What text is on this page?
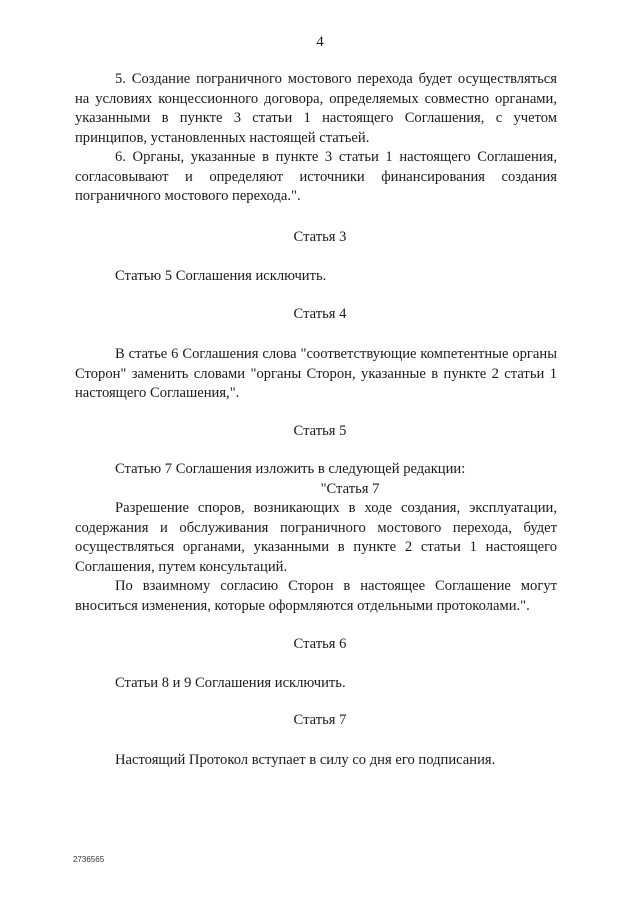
4

5. Создание пограничного мостового перехода будет осуществляться на условиях концессионного договора, определяемых совместно органами, указанными в пункте 3 статьи 1 настоящего Соглашения, с учетом принципов, установленных настоящей статьей.

6. Органы, указанные в пункте 3 статьи 1 настоящего Соглашения, согласовывают и определяют источники финансирования создания пограничного мостового перехода.".

Статья 3

Статью 5 Соглашения исключить.

Статья 4

В статье 6 Соглашения слова "соответствующие компетентные органы Сторон" заменить словами "органы Сторон, указанные в пункте 2 статьи 1 настоящего Соглашения,".

Статья 5

Статью 7 Соглашения изложить в следующей редакции:

"Статья 7

Разрешение споров, возникающих в ходе создания, эксплуатации, содержания и обслуживания пограничного мостового перехода, будет осуществляться органами, указанными в пункте 2 статьи 1 настоящего Соглашения, путем консультаций.

По взаимному согласию Сторон в настоящее Соглашение могут вноситься изменения, которые оформляются отдельными протоколами.".

Статья 6

Статьи 8 и 9 Соглашения исключить.

Статья 7

Настоящий Протокол вступает в силу со дня его подписания.

2736565
